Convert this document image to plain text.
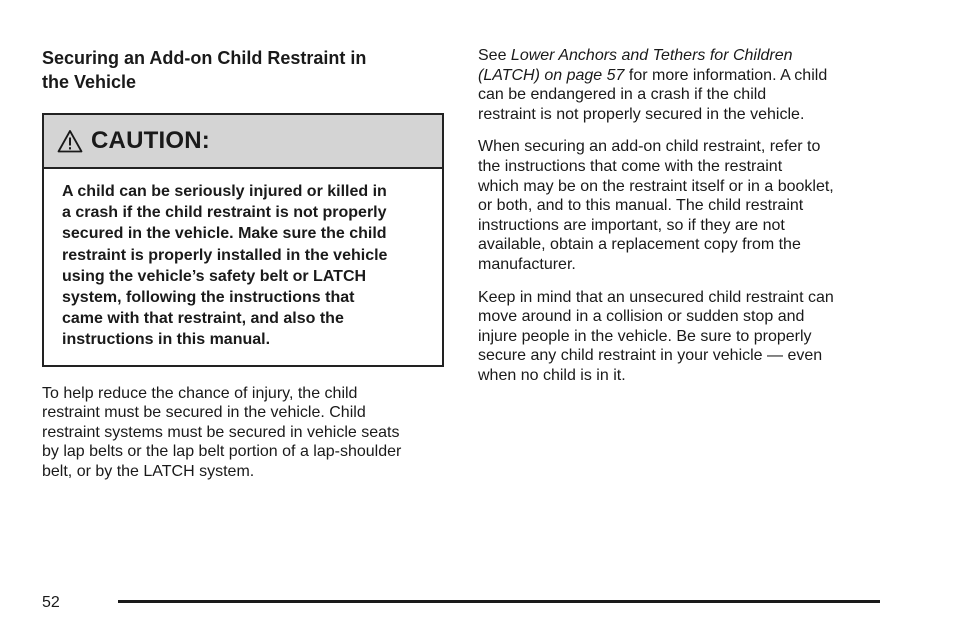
Securing an Add-on Child Restraint in
the Vehicle
CAUTION:
A child can be seriously injured or killed in
a crash if the child restraint is not properly
secured in the vehicle. Make sure the child
restraint is properly installed in the vehicle
using the vehicle’s safety belt or LATCH
system, following the instructions that
came with that restraint, and also the
instructions in this manual.

To help reduce the chance of injury, the child
restraint must be secured in the vehicle. Child
restraint systems must be secured in vehicle seats
by lap belts or the lap belt portion of a lap-shoulder
belt, or by the LATCH system.

See Lower Anchors and Tethers for Children
(LATCH) on page 57 for more information. A child
can be endangered in a crash if the child
restraint is not properly secured in the vehicle.

When securing an add-on child restraint, refer to
the instructions that come with the restraint
which may be on the restraint itself or in a booklet,
or both, and to this manual. The child restraint
instructions are important, so if they are not
available, obtain a replacement copy from the
manufacturer.

Keep in mind that an unsecured child restraint can
move around in a collision or sudden stop and
injure people in the vehicle. Be sure to properly
secure any child restraint in your vehicle — even
when no child is in it.

52
